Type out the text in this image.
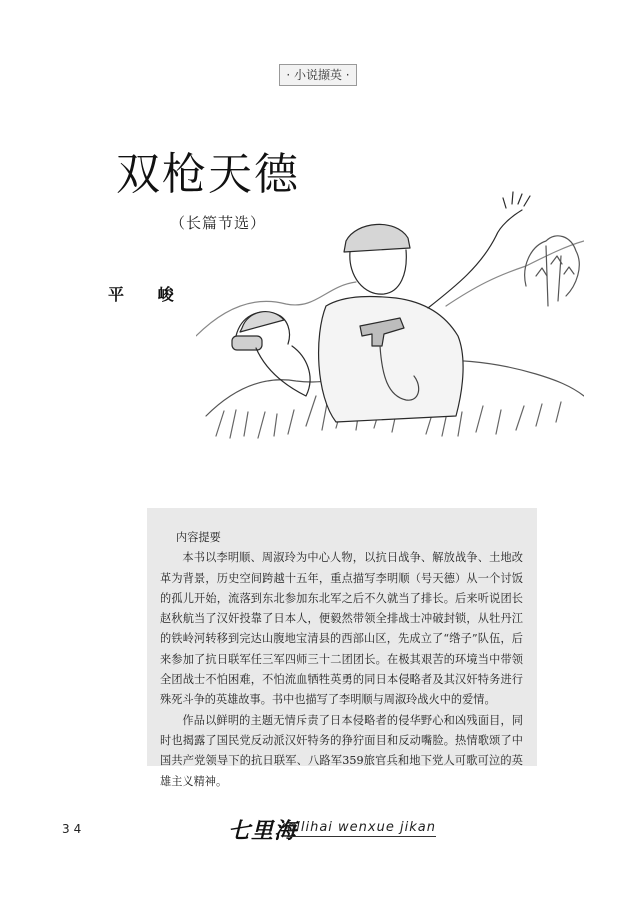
· 小说撷英 ·
双枪天德
（长篇节选）
平 峻
内容提要

本书以李明顺、周淑玲为中心人物，以抗日战争、解放战争、土地改革为背景，历史空间跨越十五年，重点描写李明顺（号天德）从一个讨饭的孤儿开始，流落到东北参加东北军之后不久就当了排长。后来听说团长赵秋航当了汉奸投靠了日本人，便毅然带领全排战士冲破封锁，从牡丹江的铁岭河转移到完达山腹地宝清县的西部山区，先成立了“绺子”队伍，后来参加了抗日联军任三军四师三十二团团长。在极其艰苦的环境当中带领全团战士不怕困难，不怕流血牺牲英勇的同日本侵略者及其汉奸特务进行殊死斗争的英雄故事。书中也描写了李明顺与周淑玲战火中的爱情。

作品以鲜明的主题无情斥责了日本侵略者的侵华野心和凶残面目，同时也揭露了国民党反动派汉奸特务的狰狞面目和反动嘴脸。热情歌颂了中国共产党领导下的抗日联军、八路军359旅官兵和地下党人可歌可泣的英雄主义精神。

34	七里海
qilihai wenxue jikan
